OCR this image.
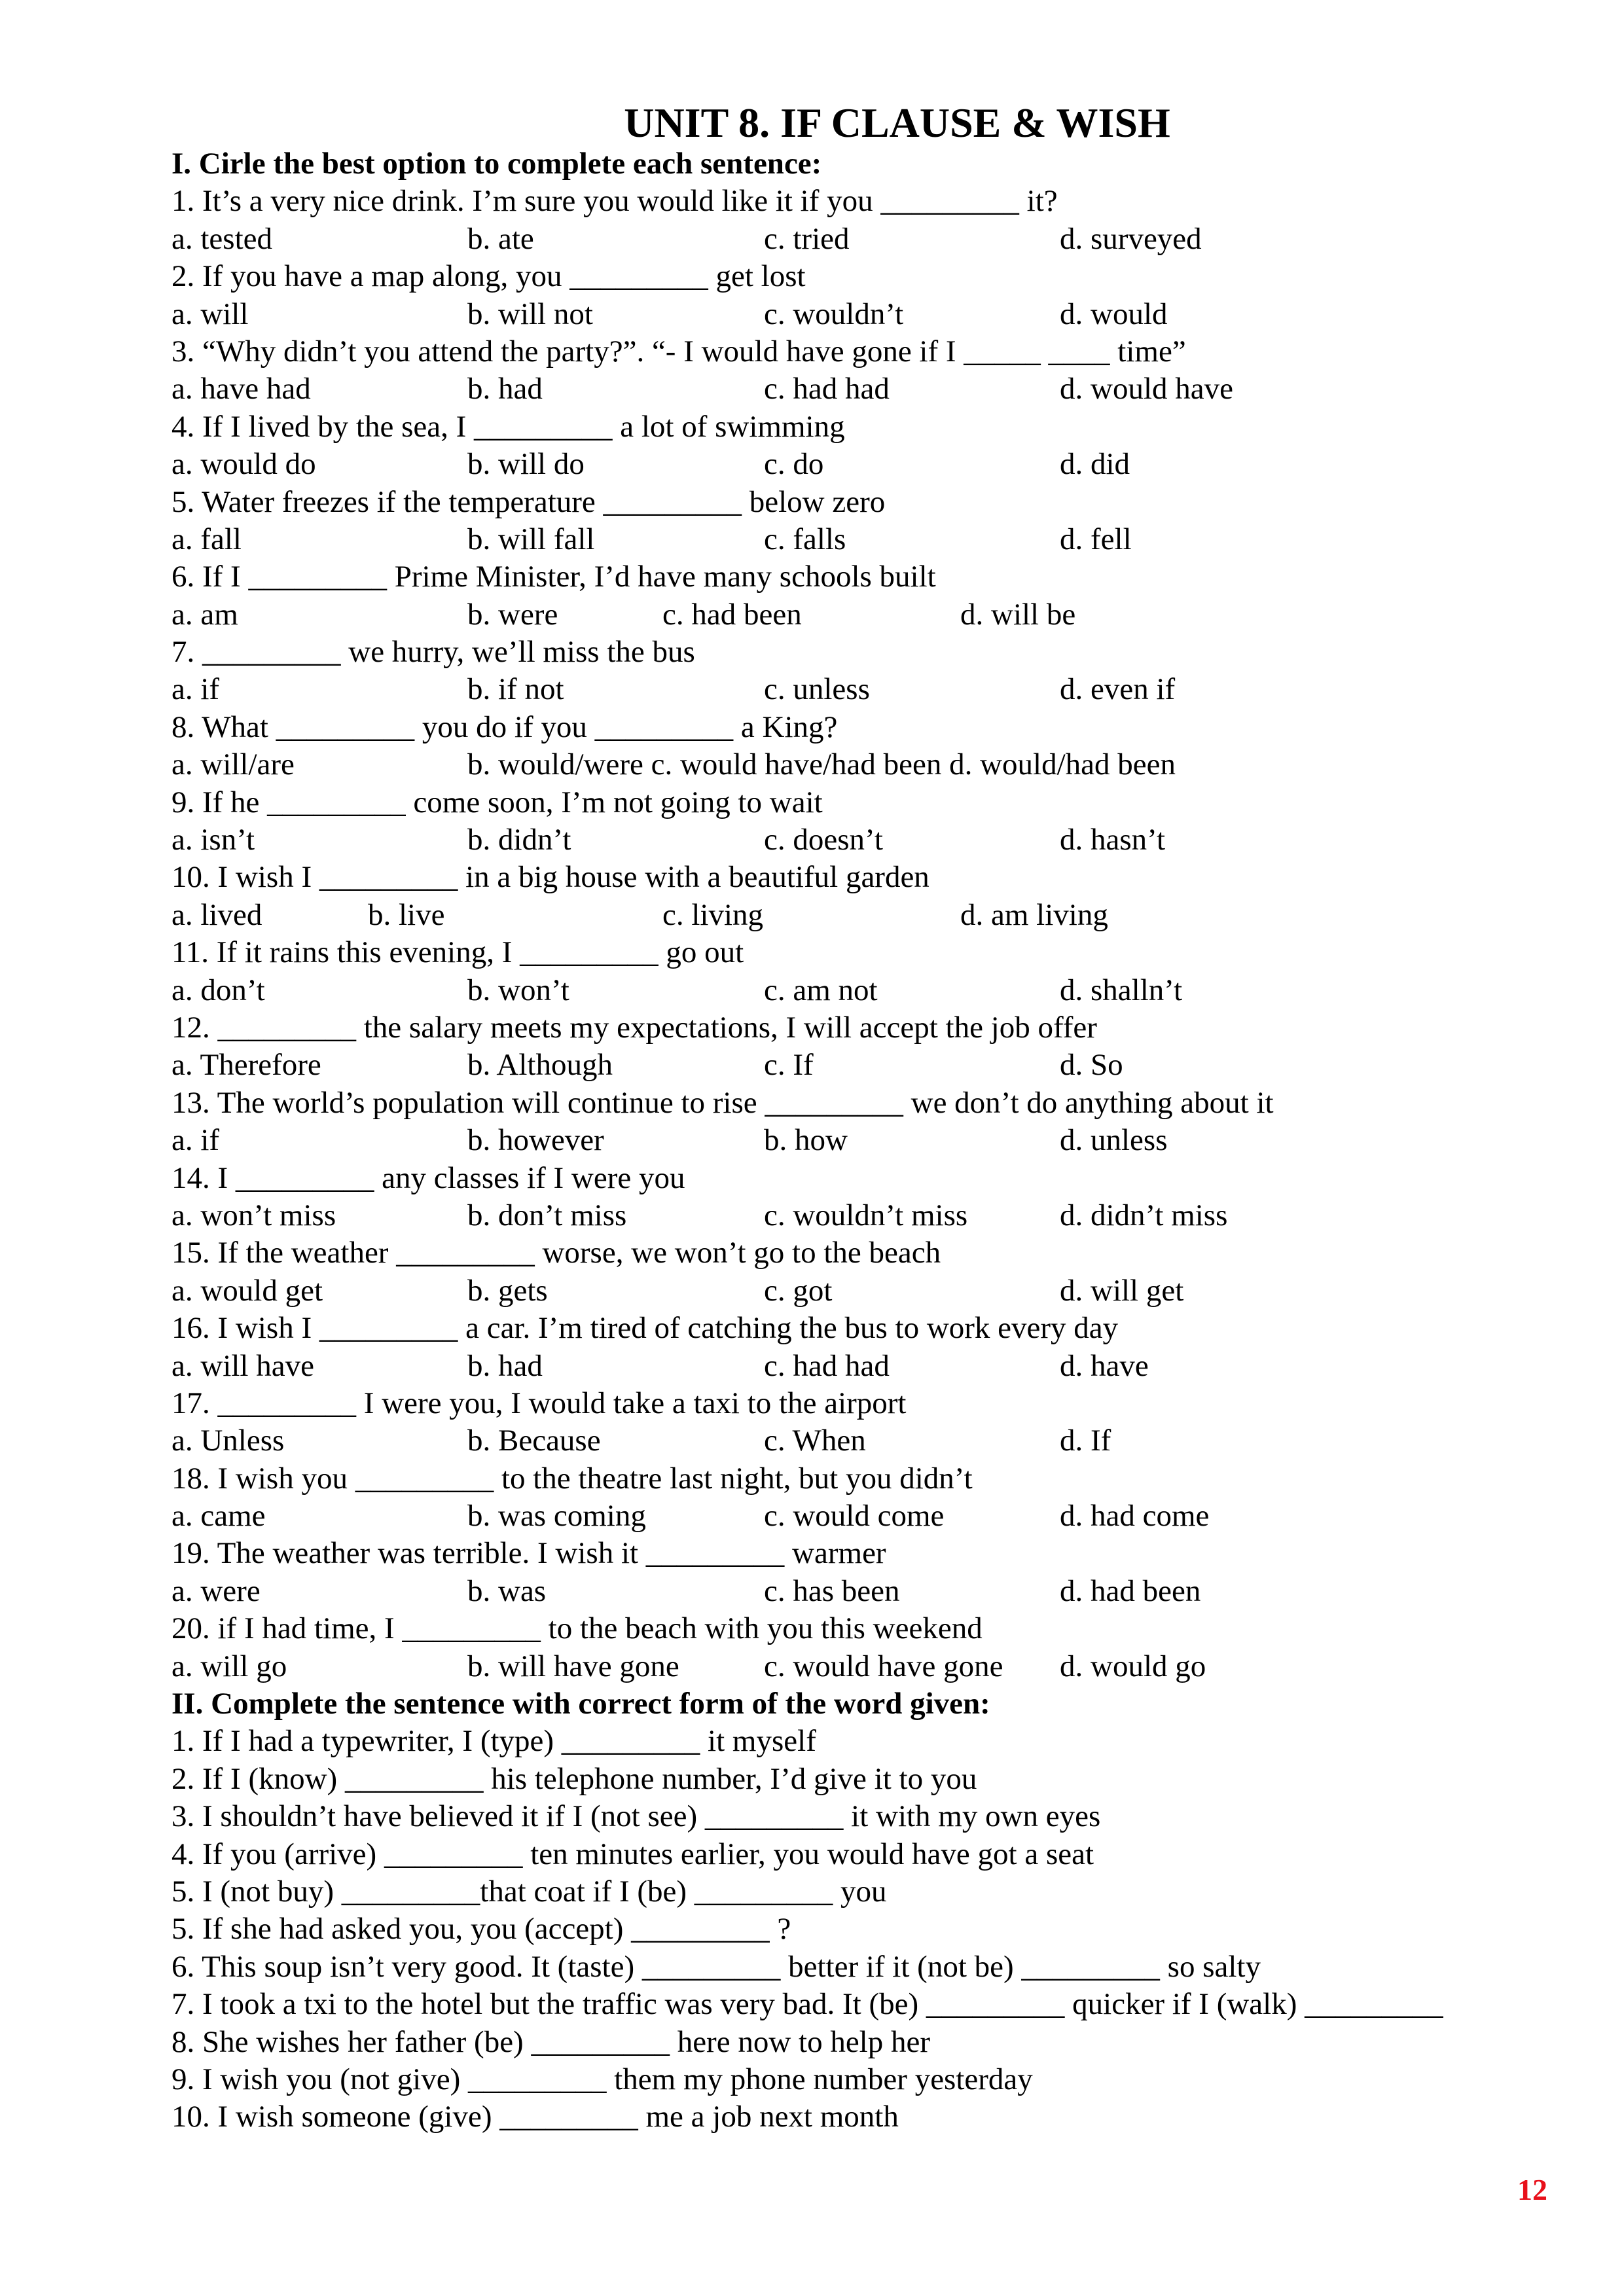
UNIT 8. IF CLAUSE & WISH
I. Cirle the best option to complete each sentence:
1. It’s a very nice drink. I’m sure you would like it if you _________ it?
a. tested	b. ate	c. tried	d. surveyed
2. If you have a map along, you _________ get lost
a. will	b. will not	c. wouldn’t	d. would
3. “Why didn’t you attend the party?”. “- I would have gone if I _____ ____ time”
a. have had	b. had	c. had had	d. would have
4. If I lived by the sea, I _________ a lot of swimming
a. would do	b. will do	c. do	d. did
5. Water freezes if the temperature _________ below zero
a. fall	b. will fall	c. falls	d. fell
6. If I _________ Prime Minister, I’d have many schools built
a. am	b. were	c. had been	d. will be
7. _________ we hurry, we’ll miss the bus
a. if	b. if not	c. unless	d. even if
8. What _________ you do if you _________ a King?
a. will/are	b. would/were c. would have/had been d. would/had been
9. If he _________ come soon, I’m not going to wait
a. isn’t	b. didn’t	c. doesn’t	d. hasn’t
10. I wish I _________ in a big house with a beautiful garden
a. lived	b. live	c. living	d. am living
11. If it rains this evening, I _________ go out
a. don’t	b. won’t	c. am not	d. shalln’t
12. _________ the salary meets my expectations, I will accept the job offer
a. Therefore	b. Although	c. If	d. So
13. The world’s population will continue to rise _________ we don’t do anything about it
a. if	b. however	b. how	d. unless
14. I _________ any classes if I were you
a. won’t miss	b. don’t miss	c. wouldn’t miss	d. didn’t miss
15. If the weather _________ worse, we won’t go to the beach
a. would get	b. gets	c. got	d. will get
16. I wish I _________ a car. I’m tired of catching the bus to work every day
a. will have	b. had	c. had had	d. have
17. _________ I were you, I would take a taxi to the airport
a. Unless	b. Because	c. When	d. If
18. I wish you _________ to the theatre last night, but you didn’t
a. came	b. was coming	c. would come	d. had come
19. The weather was terrible. I wish it _________ warmer
a. were	b. was	c. has been	d. had been
20. if I had time, I _________ to the beach with you this weekend
a. will go	b. will have gone	c. would have gone d. would go
II. Complete the sentence with correct form of the word given:
1. If I had a typewriter, I (type) _________ it myself
2. If I (know) _________ his telephone number, I’d give it to you
3. I shouldn’t have believed it if I (not see) _________ it with my own eyes
4. If you (arrive) _________ ten minutes earlier, you would have got a seat
5. I (not buy) _________that coat if I (be) _________ you
5. If she had asked you, you (accept) _________ ?
6. This soup isn’t very good. It (taste) _________ better if it (not be) _________ so salty
7. I took a txi to the hotel but the traffic was very bad. It (be) _________ quicker if I (walk) _________
8. She wishes her father (be) _________ here now to help her
9. I wish you (not give) _________ them my phone number yesterday
10. I wish someone (give) _________ me a job next month
12
